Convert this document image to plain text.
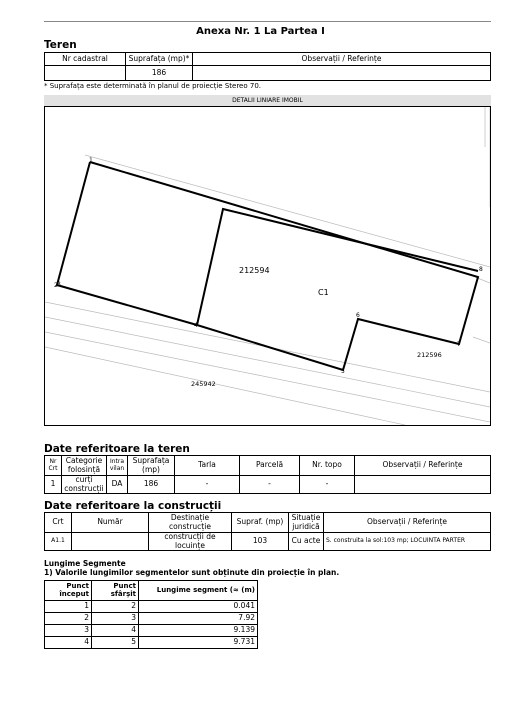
Anexa Nr. 1 La Partea I
Teren
Nr cadastral	Suprafața (mp)*	Observații / Referințe
	186	
* Suprafața este determinată în planul de proiecție Stereo 70.
DETALII LINIARE IMOBIL
1
2 3
4
5
6
7
8
212594
C1
212596
245942
Date referitoare la teren
Nr Crt	Categorie folosință	Intra vilan	Suprafața (mp)	Tarla	Parcelă	Nr. topo	Observații / Referințe
1	curți construcții	DA	186	-	-	-	
Date referitoare la construcții
Crt	Număr	Destinație construcție	Supraf. (mp)	Situație juridică	Observații / Referințe
A1.1		construcții de locuințe	103	Cu acte	S. construita la sol:103 mp; LOCUINTA PARTER
Lungime Segmente
1) Valorile lungimilor segmentelor sunt obținute din proiecție în plan.
Punct început	Punct sfârșit	Lungime segment (≈ (m)
1	2	0.041
2	3	7.92
3	4	9.139
4	5	9.731
